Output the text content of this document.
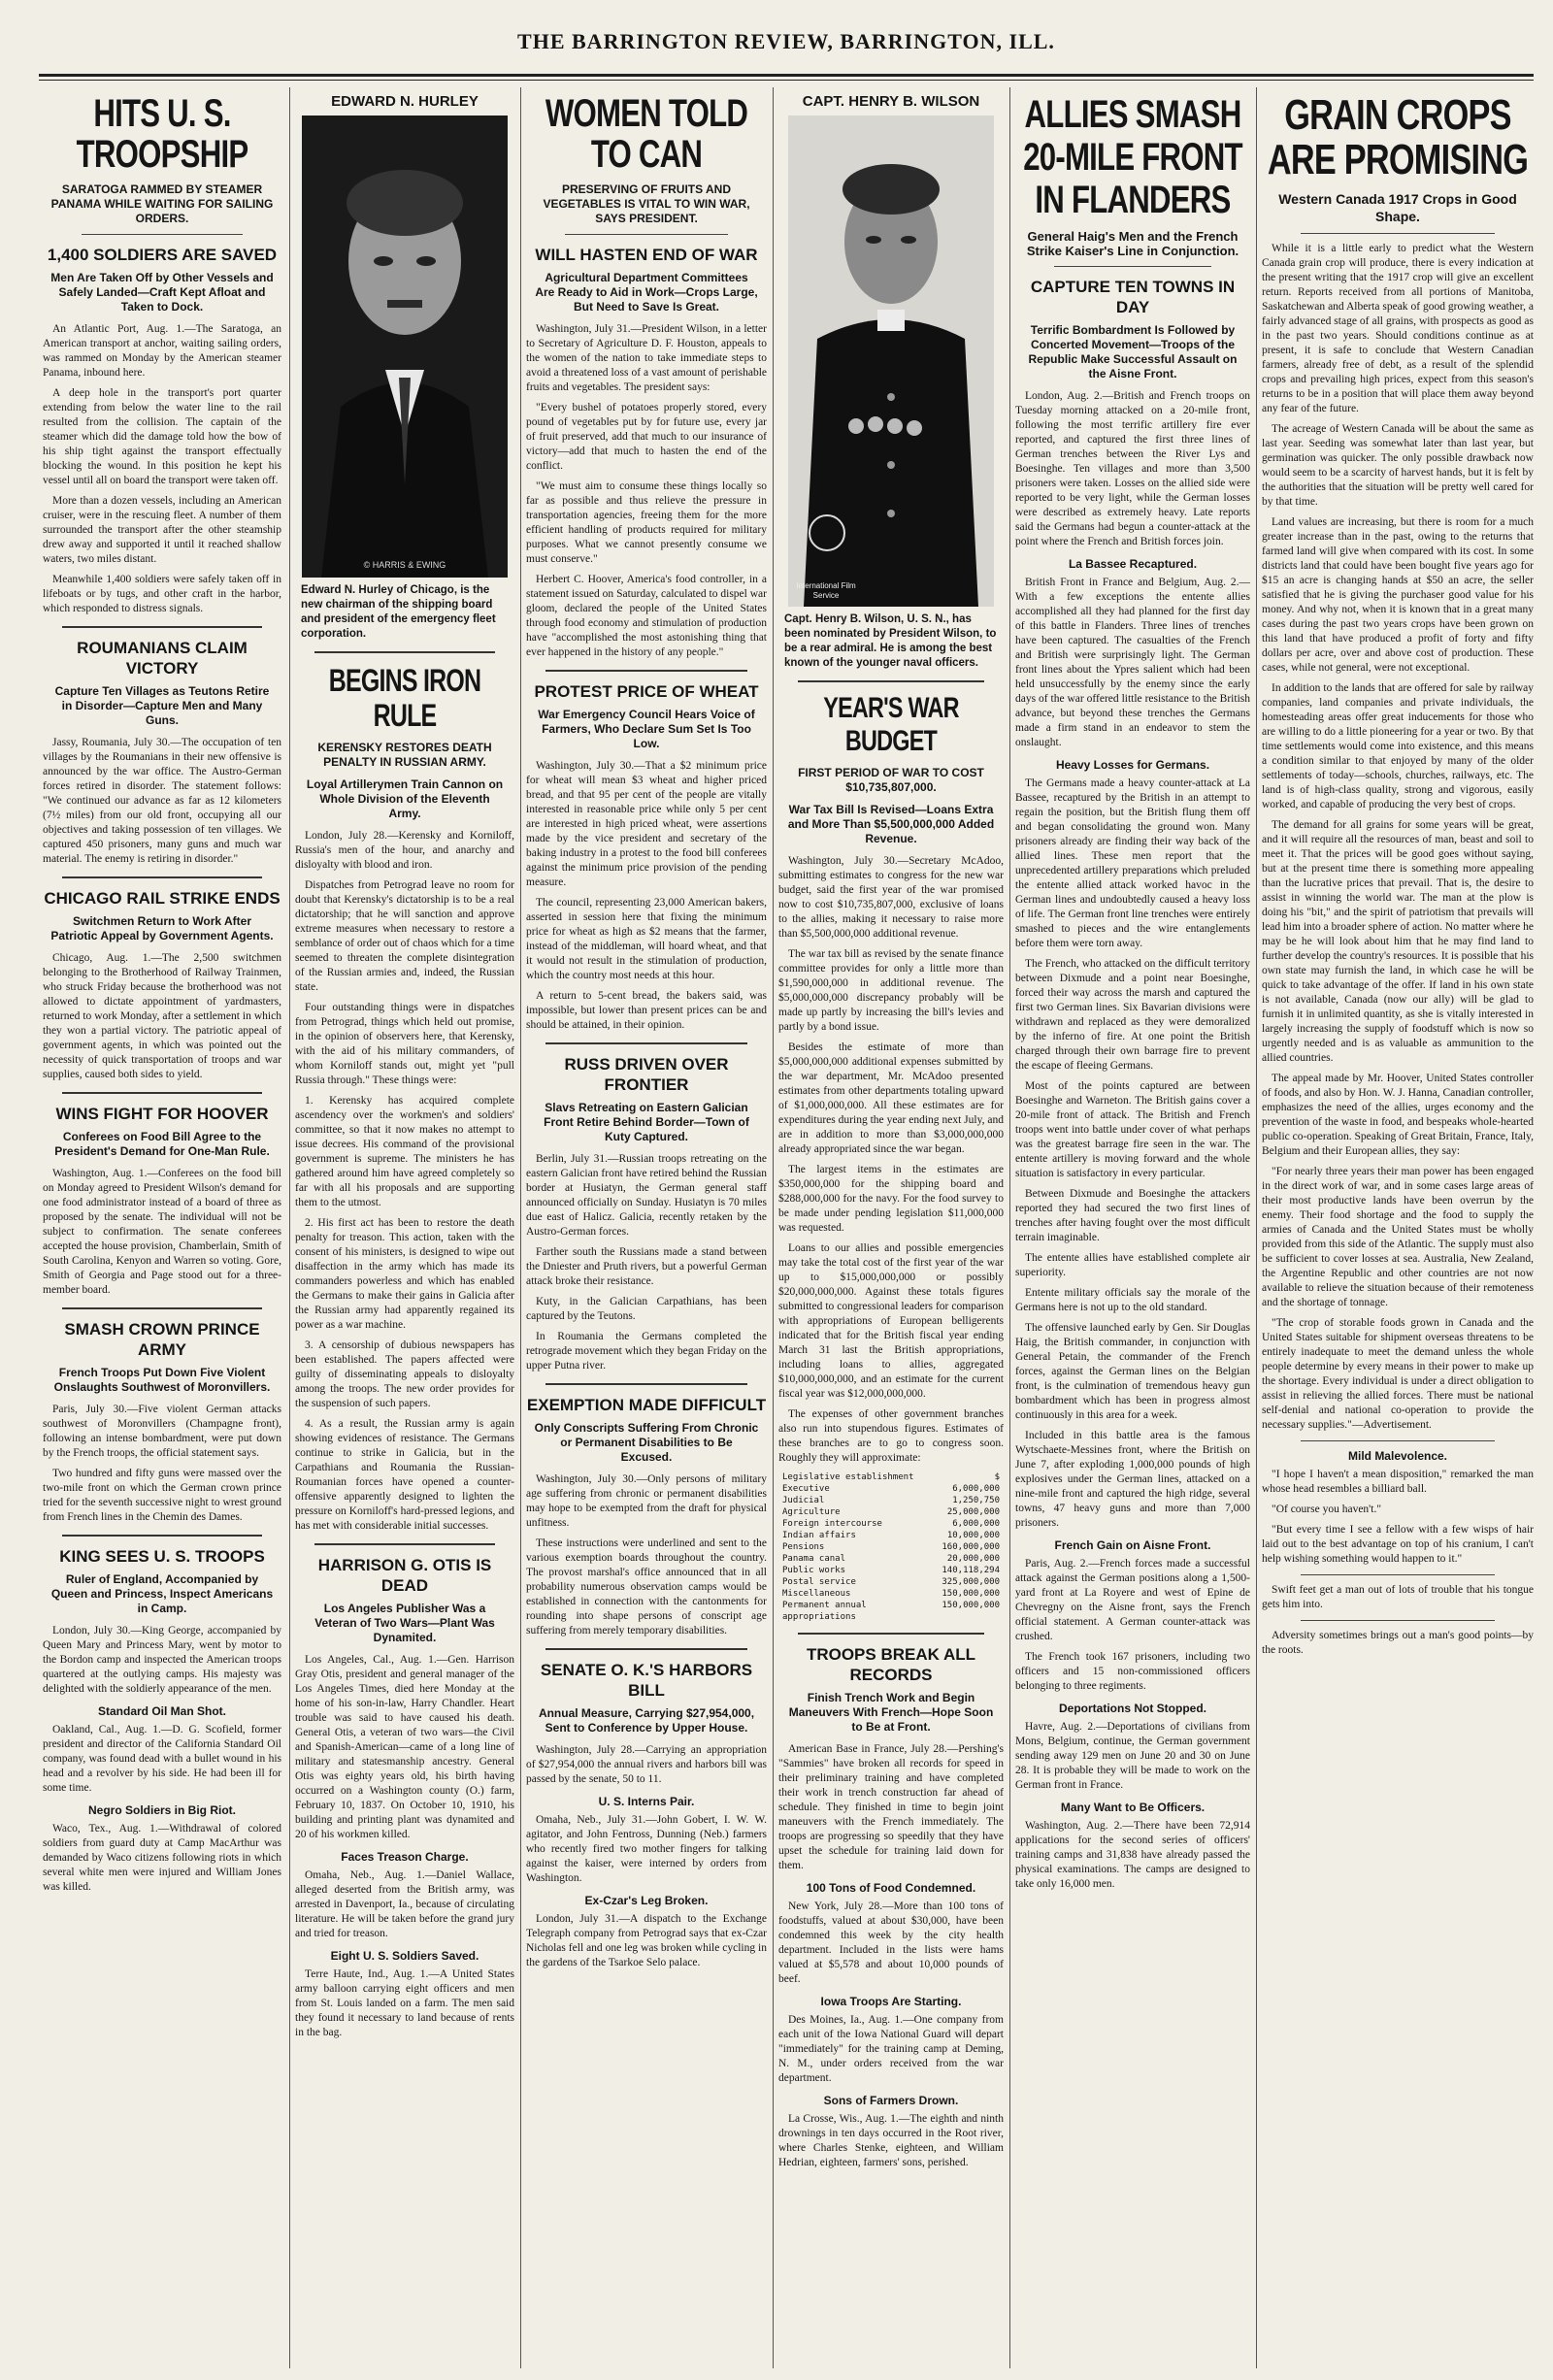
THE BARRINGTON REVIEW, BARRINGTON, ILL.
HITS U. S. TROOPSHIP
SARATOGA RAMMED BY STEAMER PANAMA WHILE WAITING FOR SAILING ORDERS.
1,400 SOLDIERS ARE SAVED
Men Are Taken Off by Other Vessels and Safely Landed—Craft Kept Afloat and Taken to Dock.

An Atlantic Port, Aug. 1.—The Saratoga, an American transport at anchor, waiting sailing orders, was rammed on Monday by the American steamer Panama, inbound here.

A deep hole in the transport's port quarter extending from below the water line to the rail resulted from the collision. The captain of the steamer which did the damage told how the bow of his ship tight against the transport effectually blocking the wound. In this position he kept his vessel until all on board the transport were taken off.

More than a dozen vessels, including an American cruiser, were in the rescuing fleet. A number of them surrounded the transport after the other steamship drew away and supported it until it reached shallow waters, two miles distant.

Meanwhile 1,400 soldiers were safely taken off in lifeboats or by tugs, and other craft in the harbor, which responded to distress signals.

ROUMANIANS CLAIM VICTORY
Capture Ten Villages as Teutons Retire in Disorder—Capture Men and Many Guns.

Jassy, Roumania, July 30.—The occupation of ten villages by the Roumanians in their new offensive is announced by the war office. The Austro-German forces retired in disorder. The statement follows: "We continued our advance as far as 12 kilometers (7½ miles) from our old front, occupying all our objectives and taking possession of ten villages. We captured 450 prisoners, many guns and much war material. The enemy is retiring in disorder."

CHICAGO RAIL STRIKE ENDS
Switchmen Return to Work After Patriotic Appeal by Government Agents.

Chicago, Aug. 1.—The 2,500 switchmen belonging to the Brotherhood of Railway Trainmen, who struck Friday because the brotherhood was not allowed to dictate appointment of yardmasters, returned to work Monday, after a settlement in which they won a partial victory. The patriotic appeal of government agents, in which was pointed out the necessity of quick transportation of troops and war supplies, caused both sides to yield.

WINS FIGHT FOR HOOVER
Conferees on Food Bill Agree to the President's Demand for One-Man Rule.

Washington, Aug. 1.—Conferees on the food bill on Monday agreed to President Wilson's demand for one food administrator instead of a board of three as proposed by the senate. The individual will not be subject to confirmation. The senate conferees accepted the house provision, Chamberlain, Smith of South Carolina, Kenyon and Warren so voting. Gore, Smith of Georgia and Page stood out for a three-member board.

SMASH CROWN PRINCE ARMY
French Troops Put Down Five Violent Onslaughts Southwest of Moronvillers.

Paris, July 30.—Five violent German attacks southwest of Moronvillers (Champagne front), following an intense bombardment, were put down by the French troops, the official statement says.

Two hundred and fifty guns were massed over the two-mile front on which the German crown prince tried for the seventh successive night to wrest ground from French lines in the Chemin des Dames.

KING SEES U. S. TROOPS
Ruler of England, Accompanied by Queen and Princess, Inspect Americans in Camp.

London, July 30.—King George, accompanied by Queen Mary and Princess Mary, went by motor to the Bordon camp and inspected the American troops quartered at the outlying camps. His majesty was delighted with the soldierly appearance of the men.

Standard Oil Man Shot.

Oakland, Cal., Aug. 1.—D. G. Scofield, former president and director of the California Standard Oil company, was found dead with a bullet wound in his head and a revolver by his side. He had been ill for some time.

Negro Soldiers in Big Riot.

Waco, Tex., Aug. 1.—Withdrawal of colored soldiers from guard duty at Camp MacArthur was demanded by Waco citizens following riots in which several white men were injured and William Jones was killed.

EDWARD N. HURLEY
© HARRIS & EWING
Edward N. Hurley of Chicago, is the new chairman of the shipping board and president of the emergency fleet corporation.
BEGINS IRON RULE
KERENSKY RESTORES DEATH PENALTY IN RUSSIAN ARMY.
Loyal Artillerymen Train Cannon on Whole Division of the Eleventh Army.

London, July 28.—Kerensky and Korniloff, Russia's men of the hour, and anarchy and disloyalty with blood and iron.

Dispatches from Petrograd leave no room for doubt that Kerensky's dictatorship is to be a real dictatorship; that he will sanction and approve extreme measures when necessary to restore a semblance of order out of chaos which for a time seemed to threaten the complete disintegration of the Russian armies and, indeed, the Russian state.

Four outstanding things were in dispatches from Petrograd, things which held out promise, in the opinion of observers here, that Kerensky, with the aid of his military commanders, of whom Korniloff stands out, might yet "pull Russia through." These things were:

1. Kerensky has acquired complete ascendency over the workmen's and soldiers' committee, so that it now makes no attempt to issue decrees. His command of the provisional government is supreme. The ministers he has gathered around him have agreed completely so far with all his proposals and are supporting them to the utmost.

2. His first act has been to restore the death penalty for treason. This action, taken with the consent of his ministers, is designed to wipe out disaffection in the army which has made its commanders powerless and which has enabled the Germans to make their gains in Galicia after the Russian army had apparently regained its power as a war machine.

3. A censorship of dubious newspapers has been established. The papers affected were guilty of disseminating appeals to disloyalty among the troops. The new order provides for the suspension of such papers.

4. As a result, the Russian army is again showing evidences of resistance. The Germans continue to strike in Galicia, but in the Carpathians and Roumania the Russian-Roumanian forces have opened a counter-offensive apparently designed to lighten the pressure on Korniloff's hard-pressed legions, and has met with considerable initial successes.

HARRISON G. OTIS IS DEAD
Los Angeles Publisher Was a Veteran of Two Wars—Plant Was Dynamited.

Los Angeles, Cal., Aug. 1.—Gen. Harrison Gray Otis, president and general manager of the Los Angeles Times, died here Monday at the home of his son-in-law, Harry Chandler. Heart trouble was said to have caused his death. General Otis, a veteran of two wars—the Civil and Spanish-American—came of a long line of military and statesmanship ancestry. General Otis was eighty years old, his birth having occurred on a Washington county (O.) farm, February 10, 1837. On October 10, 1910, his building and printing plant was dynamited and 20 of his workmen killed.

Faces Treason Charge.

Omaha, Neb., Aug. 1.—Daniel Wallace, alleged deserted from the British army, was arrested in Davenport, Ia., because of circulating literature. He will be taken before the grand jury and tried for treason.

Eight U. S. Soldiers Saved.

Terre Haute, Ind., Aug. 1.—A United States army balloon carrying eight officers and men from St. Louis landed on a farm. The men said they found it necessary to land because of rents in the bag.

WOMEN TOLD TO CAN
PRESERVING OF FRUITS AND VEGETABLES IS VITAL TO WIN WAR, SAYS PRESIDENT.
WILL HASTEN END OF WAR
Agricultural Department Committees Are Ready to Aid in Work—Crops Large, But Need to Save Is Great.

Washington, July 31.—President Wilson, in a letter to Secretary of Agriculture D. F. Houston, appeals to the women of the nation to take immediate steps to avoid a threatened loss of a vast amount of perishable fruits and vegetables. The president says:

"Every bushel of potatoes properly stored, every pound of vegetables put by for future use, every jar of fruit preserved, add that much to our insurance of victory—add that much to hasten the end of the conflict.

"We must aim to consume these things locally so far as possible and thus relieve the pressure in transportation agencies, freeing them for the more efficient handling of products required for military purposes. What we cannot presently consume we must conserve."

Herbert C. Hoover, America's food controller, in a statement issued on Saturday, calculated to dispel war gloom, declared the people of the United States through food economy and stimulation of production have "accomplished the most astonishing thing that ever happened in the history of any people."

PROTEST PRICE OF WHEAT
War Emergency Council Hears Voice of Farmers, Who Declare Sum Set Is Too Low.

Washington, July 30.—That a $2 minimum price for wheat will mean $3 wheat and higher priced bread, and that 95 per cent of the people are vitally interested in reasonable price while only 5 per cent are interested in high priced wheat, were assertions made by the vice president and secretary of the baking industry in a protest to the food bill conferees against the minimum price provision of the pending measure.

The council, representing 23,000 American bakers, asserted in session here that fixing the minimum price for wheat as high as $2 means that the farmer, instead of the middleman, will hoard wheat, and that it would not result in the stimulation of production, which the country most needs at this hour.

A return to 5-cent bread, the bakers said, was impossible, but lower than present prices can be and should be attained, in their opinion.

RUSS DRIVEN OVER FRONTIER
Slavs Retreating on Eastern Galician Front Retire Behind Border—Town of Kuty Captured.

Berlin, July 31.—Russian troops retreating on the eastern Galician front have retired behind the Russian border at Husiatyn, the German general staff announced officially on Sunday. Husiatyn is 70 miles due east of Halicz. Galicia, recently retaken by the Austro-German forces.

Farther south the Russians made a stand between the Dniester and Pruth rivers, but a powerful German attack broke their resistance.

Kuty, in the Galician Carpathians, has been captured by the Teutons.

In Roumania the Germans completed the retrograde movement which they began Friday on the upper Putna river.

EXEMPTION MADE DIFFICULT
Only Conscripts Suffering From Chronic or Permanent Disabilities to Be Excused.

Washington, July 30.—Only persons of military age suffering from chronic or permanent disabilities may hope to be exempted from the draft for physical unfitness.

These instructions were underlined and sent to the various exemption boards throughout the country. The provost marshal's office announced that in all probability numerous observation camps would be established in connection with the cantonments for rounding into shape persons of conscript age suffering from merely temporary disabilities.

SENATE O. K.'S HARBORS BILL
Annual Measure, Carrying $27,954,000, Sent to Conference by Upper House.

Washington, July 28.—Carrying an appropriation of $27,954,000 the annual rivers and harbors bill was passed by the senate, 50 to 11.

U. S. Interns Pair.

Omaha, Neb., July 31.—John Gobert, I. W. W. agitator, and John Fentross, Dunning (Neb.) farmers who recently fired two mother fingers for talking against the kaiser, were interned by orders from Washington.

Ex-Czar's Leg Broken.

London, July 31.—A dispatch to the Exchange Telegraph company from Petrograd says that ex-Czar Nicholas fell and one leg was broken while cycling in the gardens of the Tsarkoe Selo palace.

CAPT. HENRY B. WILSON
International Film Service
Capt. Henry B. Wilson, U. S. N., has been nominated by President Wilson, to be a rear admiral. He is among the best known of the younger naval officers.
YEAR'S WAR BUDGET
FIRST PERIOD OF WAR TO COST $10,735,807,000.
War Tax Bill Is Revised—Loans Extra and More Than $5,500,000,000 Added Revenue.

Washington, July 30.—Secretary McAdoo, submitting estimates to congress for the new war budget, said the first year of the war promised now to cost $10,735,807,000, exclusive of loans to the allies, making it necessary to raise more than $5,500,000,000 additional revenue.

The war tax bill as revised by the senate finance committee provides for only a little more than $1,590,000,000 in additional revenue. The $5,000,000,000 discrepancy probably will be made up partly by increasing the bill's levies and partly by a bond issue.

Besides the estimate of more than $5,000,000,000 additional expenses submitted by the war department, Mr. McAdoo presented estimates from other departments totaling upward of $1,000,000,000. All these estimates are for expenditures during the year ending next July, and are in addition to more than $3,000,000,000 already appropriated since the war began.

The largest items in the estimates are $350,000,000 for the shipping board and $288,000,000 for the navy. For the food survey to be made under pending legislation $11,000,000 was requested.

Loans to our allies and possible emergencies may take the total cost of the first year of the war up to $15,000,000,000 or possibly $20,000,000,000. Against these totals figures submitted to congressional leaders for comparison with appropriations of European belligerents indicated that for the British fiscal year ending March 31 last the British appropriations, including loans to allies, aggregated $10,000,000,000, and an estimate for the current fiscal year was $12,000,000,000.

The expenses of other government branches also run into stupendous figures. Estimates of these branches are to go to congress soon. Roughly they will approximate:

Legislative establishment	$
Executive	6,000,000
Judicial	1,250,750
Agriculture	25,000,000
Foreign intercourse	6,000,000
Indian affairs	10,000,000
Pensions	160,000,000
Panama canal	20,000,000
Public works	140,118,294
Postal service	325,000,000
Miscellaneous	150,000,000
Permanent annual appropriations
150,000,000
TROOPS BREAK ALL RECORDS
Finish Trench Work and Begin Maneuvers With French—Hope Soon to Be at Front.

American Base in France, July 28.—Pershing's "Sammies" have broken all records for speed in their preliminary training and have completed their work in trench construction far ahead of schedule. They finished in time to begin joint maneuvers with the French immediately. The troops are progressing so speedily that they have upset the schedule for training laid down for them.

100 Tons of Food Condemned.

New York, July 28.—More than 100 tons of foodstuffs, valued at about $30,000, have been condemned this week by the city health department. Included in the lists were hams valued at $5,578 and about 10,000 pounds of beef.

Iowa Troops Are Starting.

Des Moines, Ia., Aug. 1.—One company from each unit of the Iowa National Guard will depart "immediately" for the training camp at Deming, N. M., under orders received from the war department.

Sons of Farmers Drown.

La Crosse, Wis., Aug. 1.—The eighth and ninth drownings in ten days occurred in the Root river, where Charles Stenke, eighteen, and William Hedrian, eighteen, farmers' sons, perished.

ALLIES SMASH 20-MILE FRONT IN FLANDERS
General Haig's Men and the French Strike Kaiser's Line in Conjunction.
CAPTURE TEN TOWNS IN DAY
Terrific Bombardment Is Followed by Concerted Movement—Troops of the Republic Make Successful Assault on the Aisne Front.

London, Aug. 2.—British and French troops on Tuesday morning attacked on a 20-mile front, following the most terrific artillery fire ever reported, and captured the first three lines of German trenches between the River Lys and Boesinghe. Ten villages and more than 3,500 prisoners were taken. Losses on the allied side were reported to be very light, while the German losses were described as extremely heavy. Late reports said the Germans had begun a counter-attack at the point where the French and British forces join.

La Bassee Recaptured.

British Front in France and Belgium, Aug. 2.—With a few exceptions the entente allies accomplished all they had planned for the first day of this battle in Flanders. Three lines of trenches have been captured. The casualties of the French and British were surprisingly light. The German front lines about the Ypres salient which had been held unsuccessfully by the enemy since the early days of the war offered little resistance to the British advance, but beyond these trenches the Germans made a firm stand in an endeavor to stem the onslaught.

Heavy Losses for Germans.

The Germans made a heavy counter-attack at La Bassee, recaptured by the British in an attempt to regain the position, but the British flung them off and began consolidating the ground won. Many prisoners already are finding their way back of the allied lines. These men report that the unprecedented artillery preparations which preluded the entente allied attack worked havoc in the German lines and undoubtedly caused a heavy loss of life. The German front line trenches were entirely smashed to pieces and the wire entanglements before them were torn away.

The French, who attacked on the difficult territory between Dixmude and a point near Boesinghe, forced their way across the marsh and captured the first two German lines. Six Bavarian divisions were withdrawn and replaced as they were demoralized by the inferno of fire. At one point the British charged through their own barrage fire to prevent the escape of fleeing Germans.

Most of the points captured are between Boesinghe and Warneton. The British gains cover a 20-mile front of attack. The British and French troops went into battle under cover of what perhaps was the greatest barrage fire seen in the war. The entente artillery is moving forward and the whole situation is satisfactory in every particular.

Between Dixmude and Boesinghe the attackers reported they had secured the two first lines of trenches after having fought over the most difficult terrain imaginable.

The entente allies have established complete air superiority.

Entente military officials say the morale of the Germans here is not up to the old standard.

The offensive launched early by Gen. Sir Douglas Haig, the British commander, in conjunction with General Petain, the commander of the French forces, against the German lines on the Belgian front, is the culmination of tremendous heavy gun bombardment which has been in progress almost continuously in this area for a week.

Included in this battle area is the famous Wytschaete-Messines front, where the British on June 7, after exploding 1,000,000 pounds of high explosives under the German lines, attacked on a nine-mile front and captured the high ridge, several towns, 47 heavy guns and more than 7,000 prisoners.

French Gain on Aisne Front.

Paris, Aug. 2.—French forces made a successful attack against the German positions along a 1,500-yard front at La Royere and west of Epine de Chevregny on the Aisne front, says the French official statement. A German counter-attack was crushed.

The French took 167 prisoners, including two officers and 15 non-commissioned officers belonging to three regiments.

Deportations Not Stopped.

Havre, Aug. 2.—Deportations of civilians from Mons, Belgium, continue, the German government sending away 129 men on June 20 and 30 on June 28. It is probable they will be made to work on the German front in France.

Many Want to Be Officers.

Washington, Aug. 2.—There have been 72,914 applications for the second series of officers' training camps and 31,838 have already passed the physical examinations. The camps are designed to take only 16,000 men.

GRAIN CROPS ARE PROMISING
Western Canada 1917 Crops in Good Shape.

While it is a little early to predict what the Western Canada grain crop will produce, there is every indication at the present writing that the 1917 crop will give an excellent return. Reports received from all portions of Manitoba, Saskatchewan and Alberta speak of good growing weather, a fairly advanced stage of all grains, with prospects as good as in the past two years. Should conditions continue as at present, it is safe to conclude that Western Canadian farmers, already free of debt, as a result of the splendid crops and prevailing high prices, expect from this season's returns to be in a position that will place them away beyond any fear of the future.

The acreage of Western Canada will be about the same as last year. Seeding was somewhat later than last year, but germination was quicker. The only possible drawback now would seem to be a scarcity of harvest hands, but it is felt by the authorities that the situation will be pretty well cared for by that time.

Land values are increasing, but there is room for a much greater increase than in the past, owing to the returns that farmed land will give when compared with its cost. In some districts land that could have been bought five years ago for $15 an acre is changing hands at $50 an acre, the seller satisfied that he is giving the purchaser good value for his money. And why not, when it is known that in a great many cases during the past two years crops have been grown on this land that have produced a profit of forty and fifty dollars per acre, over and above cost of production. These cases, while not general, were not exceptional.

In addition to the lands that are offered for sale by railway companies, land companies and private individuals, the homesteading areas offer great inducements for those who are willing to do a little pioneering for a year or two. By that time settlements would come into existence, and this means a condition similar to that enjoyed by many of the older settlements of today—schools, churches, railways, etc. The land is of high-class quality, strong and vigorous, easily worked, and capable of producing the very best of crops.

The demand for all grains for some years will be great, and it will require all the resources of man, beast and soil to meet it. That the prices will be good goes without saying, but at the present time there is something more appealing than the lucrative prices that prevail. That is, the desire to assist in winning the world war. The man at the plow is doing his "bit," and the spirit of patriotism that prevails will lead him into a broader sphere of action. No matter where he may be he will look about him that he may find land to further develop the country's resources. It is possible that his own state may furnish the land, in which case he will be quick to take advantage of the offer. If land in his own state is not available, Canada (now our ally) will be glad to furnish it in unlimited quantity, as she is vitally interested in largely increasing the supply of foodstuff which is now so urgently needed and is as valuable as ammunition to the allied countries.

The appeal made by Mr. Hoover, United States controller of foods, and also by Hon. W. J. Hanna, Canadian controller, emphasizes the need of the allies, urges economy and the prevention of the waste in food, and bespeaks whole-hearted public co-operation. Speaking of Great Britain, France, Italy, Belgium and their European allies, they say:

"For nearly three years their man power has been engaged in the direct work of war, and in some cases large areas of their most productive lands have been overrun by the enemy. Their food shortage and the food to supply the armies of Canada and the United States must be wholly provided from this side of the Atlantic. The supply must also be sufficient to cover losses at sea. Australia, New Zealand, the Argentine Republic and other countries are not now available to relieve the situation because of their remoteness and the shortage of tonnage.

"The crop of storable foods grown in Canada and the United States suitable for shipment overseas threatens to be entirely inadequate to meet the demand unless the whole people determine by every means in their power to make up the shortage. Every individual is under a direct obligation to assist in relieving the allied forces. There must be national self-denial and national co-operation to provide the necessary supplies."—Advertisement.

Mild Malevolence.

"I hope I haven't a mean disposition," remarked the man whose head resembles a billiard ball.

"Of course you haven't."

"But every time I see a fellow with a few wisps of hair laid out to the best advantage on top of his cranium, I can't help wishing something would happen to it."

Swift feet get a man out of lots of trouble that his tongue gets him into.

Adversity sometimes brings out a man's good points—by the roots.
